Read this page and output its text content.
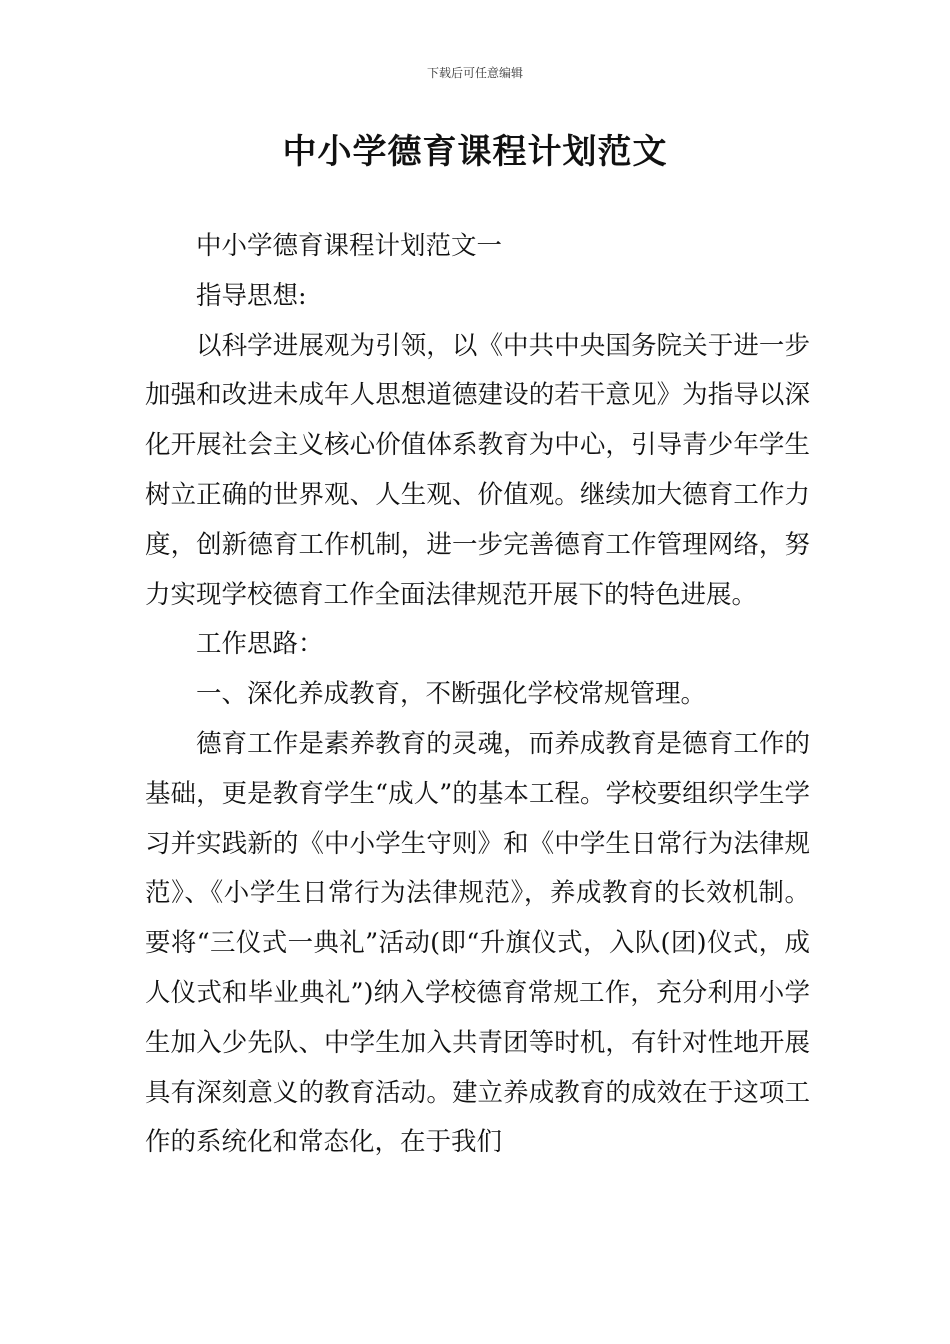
下载后可任意编辑
中小学德育课程计划范文

中小学德育课程计划范文一

指导思想:

以科学进展观为引领，以《中共中央国务院关于进一步加强和改进未成年人思想道德建设的若干意见》为指导以深化开展社会主义核心价值体系教育为中心，引导青少年学生树立正确的世界观、人生观、价值观。继续加大德育工作力度，创新德育工作机制，进一步完善德育工作管理网络，努力实现学校德育工作全面法律规范开展下的特色进展。

工作思路：

一、深化养成教育，不断强化学校常规管理。

德育工作是素养教育的灵魂，而养成教育是德育工作的基础，更是教育学生“成人”的基本工程。学校要组织学生学习并实践新的《中小学生守则》和《中学生日常行为法律规范》、《小学生日常行为法律规范》，养成教育的长效机制。要将“三仪式一典礼”活动(即“升旗仪式，入队(团)仪式，成人仪式和毕业典礼”)纳入学校德育常规工作，充分利用小学生加入少先队、中学生加入共青团等时机，有针对性地开展具有深刻意义的教育活动。建立养成教育的成效在于这项工作的系统化和常态化，在于我们
